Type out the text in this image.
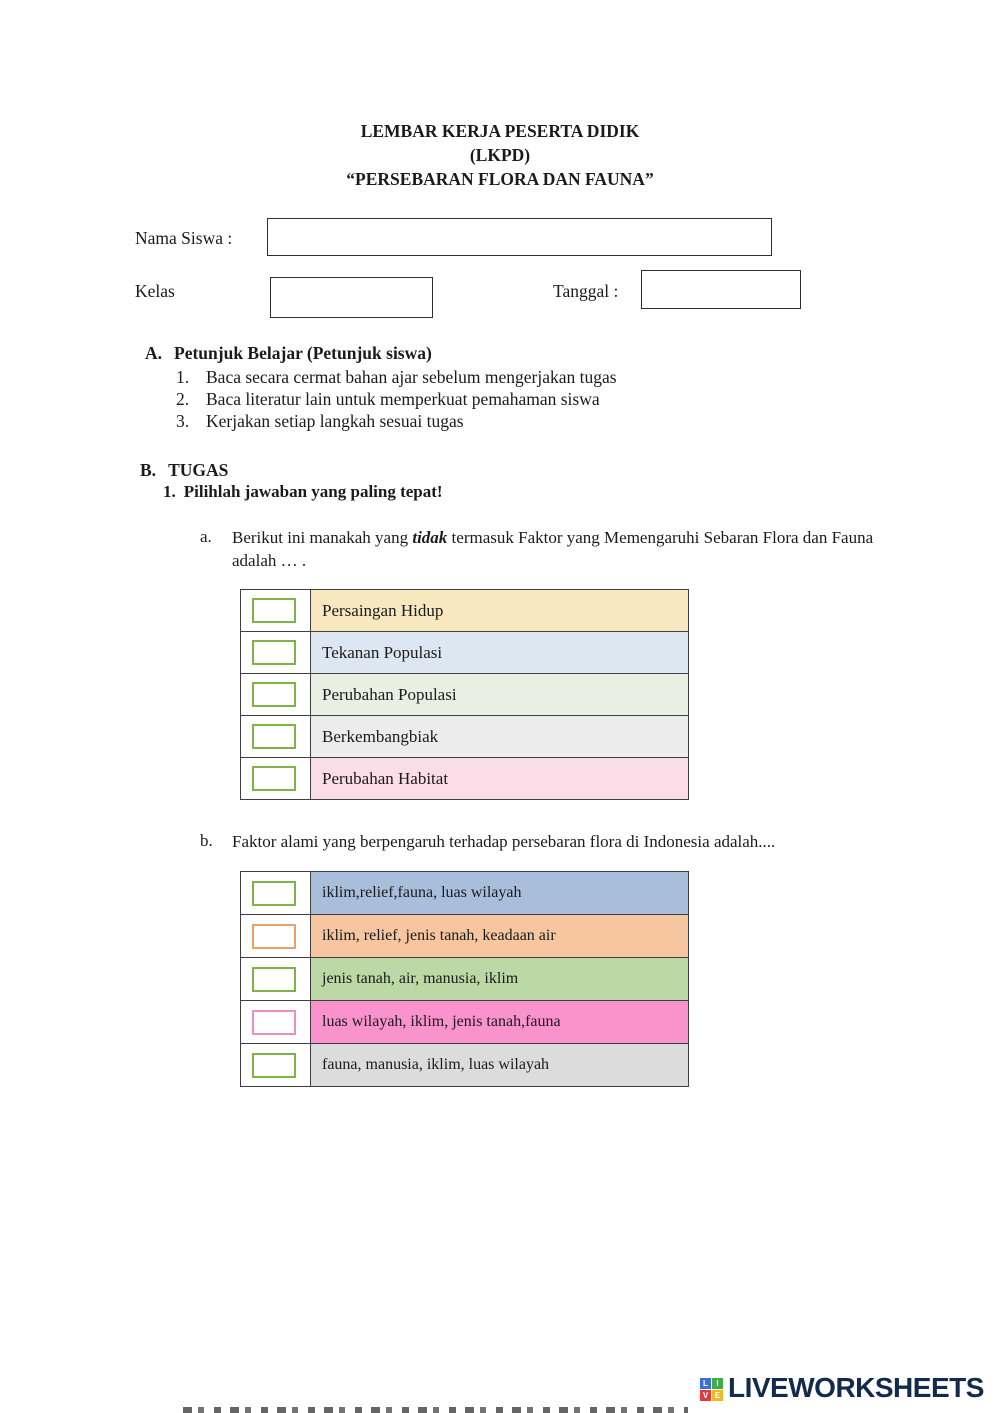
LEMBAR KERJA PESERTA DIDIK
(LKPD)
“PERSEBARAN FLORA DAN FAUNA”
Nama Siswa :
Kelas	Tanggal :
A. Petunjuk Belajar (Petunjuk siswa)
1. Baca secara cermat bahan ajar sebelum mengerjakan tugas
2. Baca literatur lain untuk memperkuat pemahaman siswa
3. Kerjakan setiap langkah sesuai tugas
B. TUGAS
1. Pilihlah jawaban yang paling tepat!
a. Berikut ini manakah yang tidak termasuk Faktor yang Memengaruhi Sebaran Flora dan Fauna adalah … .
Persaingan Hidup
Tekanan Populasi
Perubahan Populasi
Berkembangbiak
Perubahan Habitat
b. Faktor alami yang berpengaruh terhadap persebaran flora di Indonesia adalah....
iklim,relief,fauna, luas wilayah
iklim, relief, jenis tanah, keadaan air
jenis tanah, air, manusia, iklim
luas wilayah, iklim, jenis tanah,fauna
fauna, manusia, iklim, luas wilayah
L	I
V E LIVEWORKSHEETS
